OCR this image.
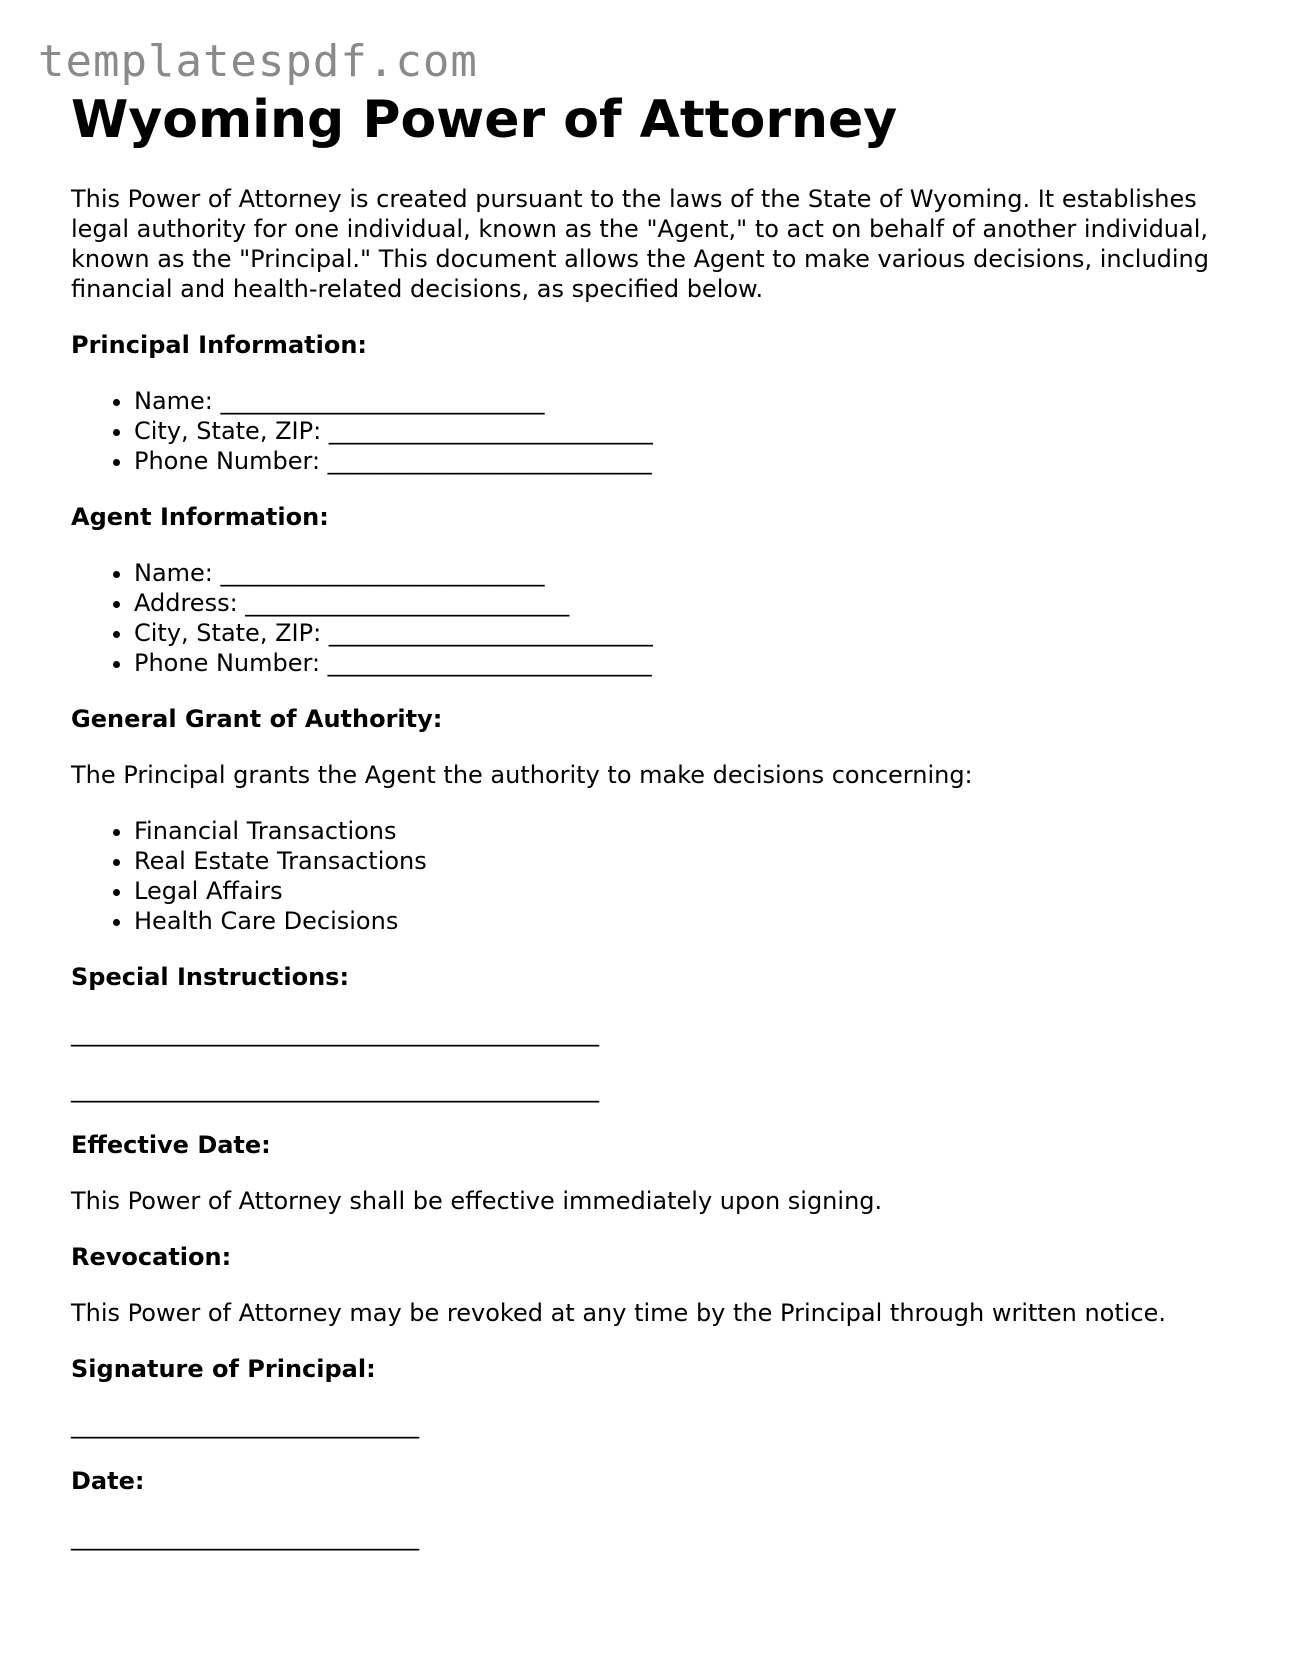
templatespdf.com
Wyoming Power of Attorney

This Power of Attorney is created pursuant to the laws of the State of Wyoming. It establishes legal authority for one individual, known as the "Agent," to act on behalf of another individual, known as the "Principal." This document allows the Agent to make various decisions, including financial and health-related decisions, as specified below.

Principal Information:
• Name: ___________________________
• City, State, ZIP: ___________________________
• Phone Number: ___________________________
Agent Information:
• Name: ___________________________
• Address: ___________________________
• City, State, ZIP: ___________________________
• Phone Number: ___________________________
General Grant of Authority:

The Principal grants the Agent the authority to make decisions concerning:

• Financial Transactions
• Real Estate Transactions
• Legal Affairs
• Health Care Decisions
Special Instructions:
____________________________________________
____________________________________________
Effective Date:

This Power of Attorney shall be effective immediately upon signing.

Revocation:

This Power of Attorney may be revoked at any time by the Principal through written notice.

Signature of Principal:
_____________________________
Date:
_____________________________
